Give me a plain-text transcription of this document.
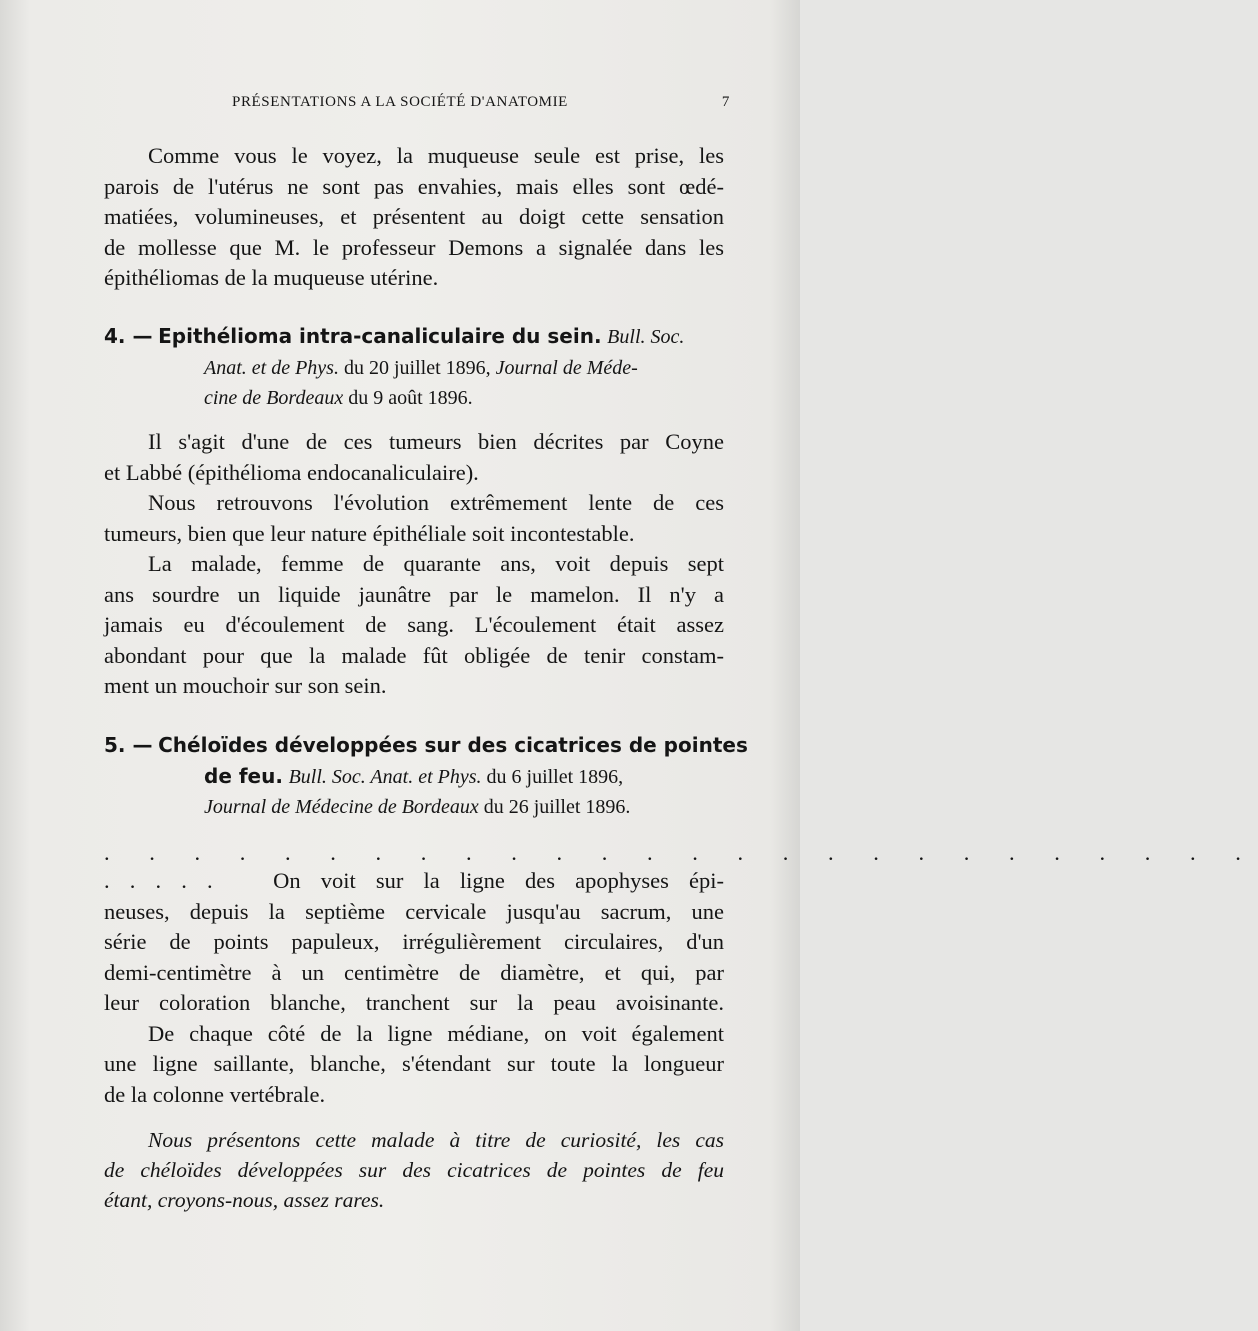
PRÉSENTATIONS A LA SOCIÉTÉ D'ANATOMIE	7
Comme vous le voyez, la muqueuse seule est prise, les
parois de l'utérus ne sont pas envahies, mais elles sont œdé-
matiées, volumineuses, et présentent au doigt cette sensation
de mollesse que M. le professeur Demons a signalée dans les
épithéliomas de la muqueuse utérine.
4. — Epithélioma intra-canaliculaire du sein. Bull. Soc.
Anat. et de Phys. du 20 juillet 1896, Journal de Méde-
cine de Bordeaux du 9 août 1896.
Il s'agit d'une de ces tumeurs bien décrites par Coyne
et Labbé (épithélioma endocanaliculaire).
Nous retrouvons l'évolution extrêmement lente de ces
tumeurs, bien que leur nature épithéliale soit incontestable.
La malade, femme de quarante ans, voit depuis sept
ans sourdre un liquide jaunâtre par le mamelon. Il n'y a
jamais eu d'écoulement de sang. L'écoulement était assez
abondant pour que la malade fût obligée de tenir constam-
ment un mouchoir sur son sein.
5. — Chéloïdes développées sur des cicatrices de pointes
de feu. Bull. Soc. Anat. et Phys. du 6 juillet 1896,
Journal de Médecine de Bordeaux du 26 juillet 1896.
. . . . . . . . . . . . . . . . . . . . . . . . . .
. . . . .   On voit sur la ligne des apophyses épi-
neuses, depuis la septième cervicale jusqu'au sacrum, une
série de points papuleux, irrégulièrement circulaires, d'un
demi-centimètre à un centimètre de diamètre, et qui, par
leur coloration blanche, tranchent sur la peau avoisinante.
De chaque côté de la ligne médiane, on voit également
une ligne saillante, blanche, s'étendant sur toute la longueur
de la colonne vertébrale.
Nous présentons cette malade à titre de curiosité, les cas
de chéloïdes développées sur des cicatrices de pointes de feu
étant, croyons-nous, assez rares.
